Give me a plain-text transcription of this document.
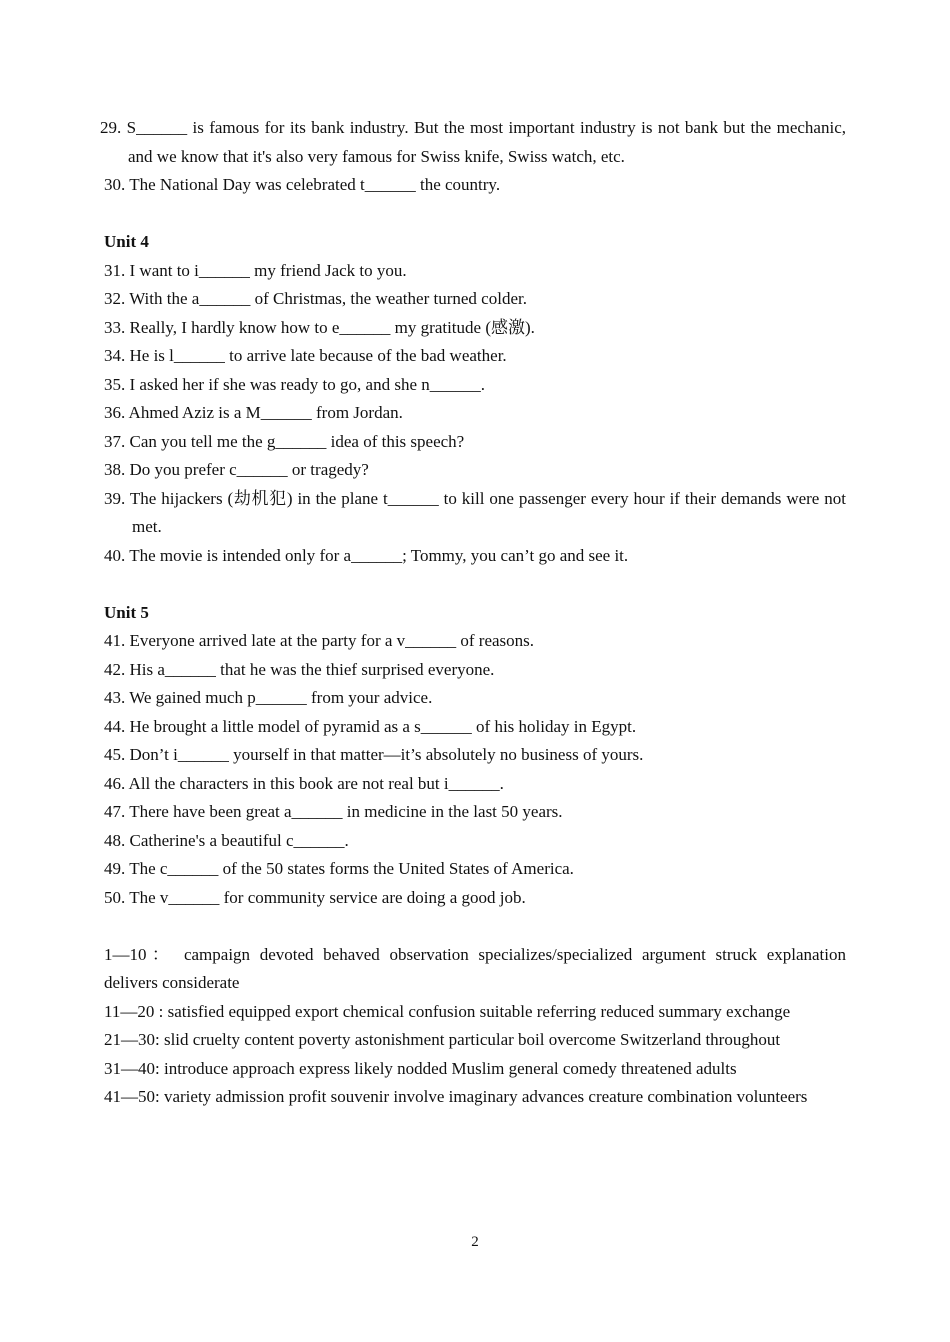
29. S______ is famous for its bank industry. But the most important industry is not bank but the mechanic, and we know that it's also very famous for Swiss knife, Swiss watch, etc.
30. The National Day was celebrated t______ the country.
Unit 4
31. I want to i______ my friend Jack to you.
32. With the a______ of Christmas, the weather turned colder.
33. Really, I hardly know how to e______ my gratitude (感激).
34. He is l______ to arrive late because of the bad weather.
35. I asked her if she was ready to go, and she n______.
36. Ahmed Aziz is a M______ from Jordan.
37. Can you tell me the g______ idea of this speech?
38. Do you prefer c______ or tragedy?
39. The hijackers (劫机犯) in the plane t______ to kill one passenger every hour if their demands were not met.
40. The movie is intended only for a______; Tommy, you can’t go and see it.
Unit 5
41. Everyone arrived late at the party for a v______ of reasons.
42. His a______ that he was the thief surprised everyone.
43. We gained much p______ from your advice.
44. He brought a little model of pyramid as a s______ of his holiday in Egypt.
45. Don’t i______ yourself in that matter—it’s absolutely no business of yours.
46. All the characters in this book are not real but i______.
47. There have been great a______ in medicine in the last 50 years.
48. Catherine's a beautiful c______.
49. The c______ of the 50 states forms the United States of America.
50. The v______ for community service are doing a good job.
1—10： campaign devoted behaved observation specializes/specialized argument struck explanation delivers considerate
11—20 : satisfied equipped export chemical confusion suitable referring reduced summary exchange
21—30: slid cruelty content poverty astonishment particular boil overcome Switzerland throughout
31—40: introduce approach express likely nodded Muslim general comedy threatened adults
41—50: variety admission profit souvenir involve imaginary advances creature combination volunteers
2
